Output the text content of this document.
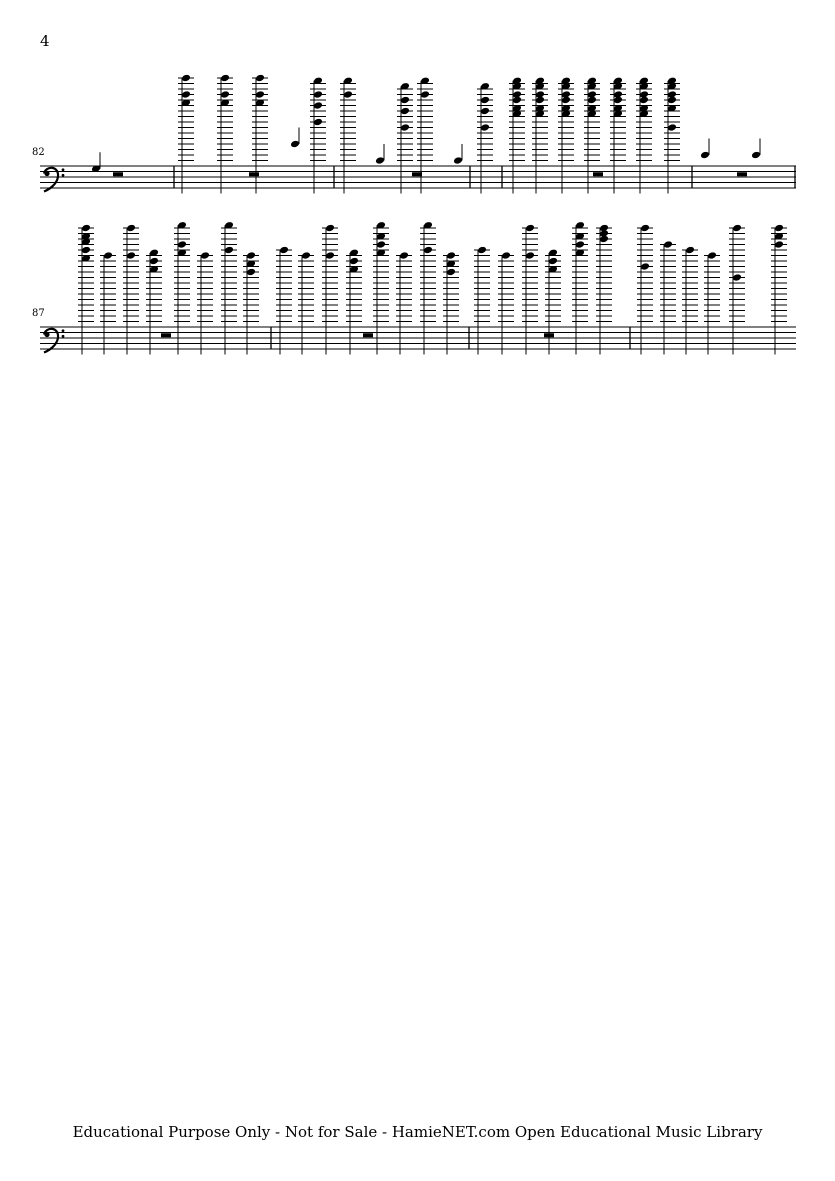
4
82
87
Educational Purpose Only - Not for Sale - HamieNET.com Open Educational Music Library
